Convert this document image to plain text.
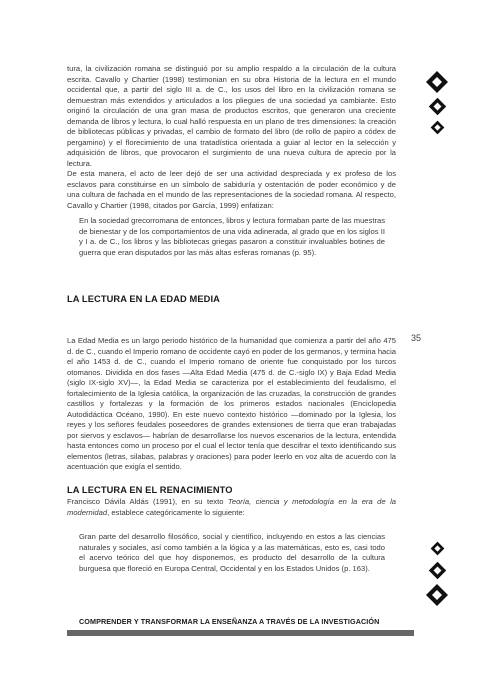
tura, la civilización romana se distinguió por su amplio respaldo a la circulación de la cultura escrita. Cavallo y Chartier (1998) testimonian en su obra Historia de la lectura en el mundo occidental que, a partir del siglo III a. de C., los usos del libro en la civilización romana se demuestran más extendidos y articulados a los pliegues de una sociedad ya cambiante. Esto originó la circulación de una gran masa de productos escritos, que generaron una creciente demanda de libros y lectura, lo cual halló respuesta en un plano de tres dimensiones: la creación de bibliotecas públicas y privadas, el cambio de formato del libro (de rollo de papiro a códex de pergamino) y el florecimiento de una tratadística orientada a guiar al lector en la selección y adquisición de libros, que provocaron el surgimiento de una nueva cultura de aprecio por la lectura.

De esta manera, el acto de leer dejó de ser una actividad despreciada y ex profeso de los esclavos para constituirse en un símbolo de sabiduría y ostentación de poder económico y de una cultura de fachada en el mundo de las representaciones de la sociedad romana. Al respecto, Cavallo y Chartier (1998, citados por García, 1999) enfatizan:

En la sociedad grecorromana de entonces, libros y lectura formaban parte de las muestras de bienestar y de los comportamientos de una vida adinerada, al grado que en los siglos II y I a. de C., los libros y las bibliotecas griegas pasaron a constituir invaluables botines de guerra que eran disputados por las más altas esferas romanas (p. 95).

LA LECTURA EN LA EDAD MEDIA

La Edad Media es un largo periodo histórico de la humanidad que comienza a partir del año 475 d. de C., cuando el Imperio romano de occidente cayó en poder de los germanos, y termina hacia el año 1453 d. de C., cuando el Imperio romano de oriente fue conquistado por los turcos otomanos. Dividida en dos fases —Alta Edad Media (475 d. de C.-siglo IX) y Baja Edad Media (siglo IX-siglo XV)—, la Edad Media se caracteriza por el establecimiento del feudalismo, el fortalecimiento de la Iglesia católica, la organización de las cruzadas, la construcción de grandes castillos y fortalezas y la formación de los primeros estados nacionales (Enciclopedia Autodidáctica Océano, 1990). En este nuevo contexto histórico —dominado por la Iglesia, los reyes y los señores feudales poseedores de grandes extensiones de tierra que eran trabajadas por siervos y esclavos— habrían de desarrollarse los nuevos escenarios de la lectura, entendida hasta entonces como un proceso por el cual el lector tenía que descifrar el texto identificando sus elementos (letras, silabas, palabras y oraciones) para poder leerlo en voz alta de acuerdo con la acentuación que exigía el sentido.

LA LECTURA EN EL RENACIMIENTO

Francisco Dávila Aldás (1991), en su texto Teoría, ciencia y metodología en la era de la modernidad, establece categóricamente lo siguiente:

Gran parte del desarrollo filosófico, social y científico, incluyendo en estos a las ciencias naturales y sociales, así como también a la lógica y a las matemáticas, esto es, casi todo el acervo teórico del que hoy disponemos, es producto del desarrollo de la cultura burguesa que floreció en Europa Central, Occidental y en los Estados Unidos (p. 163).

35
COMPRENDER Y TRANSFORMAR LA ENSEÑANZA A TRAVÉS DE LA INVESTIGACIÓN
